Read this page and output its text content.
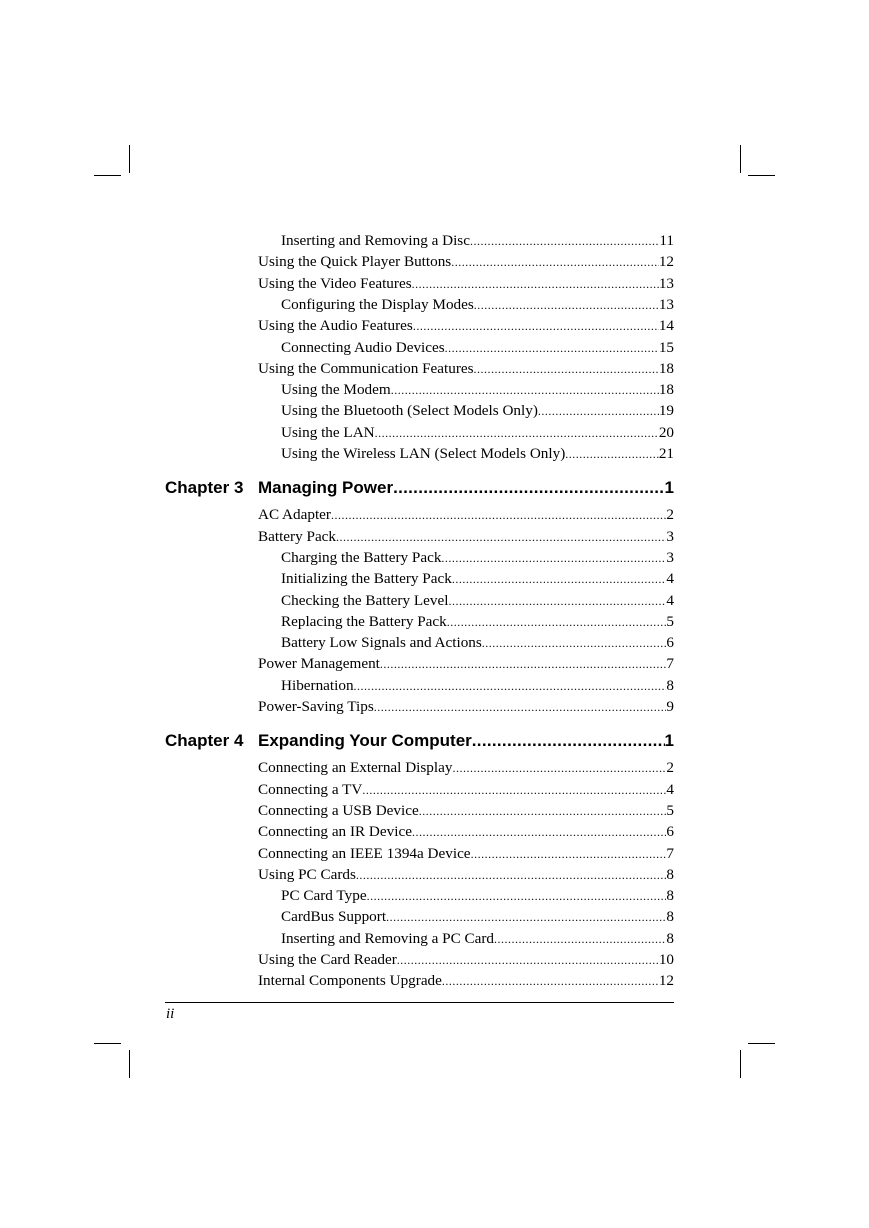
Inserting and Removing a Disc .....	11
Using the Quick Player Buttons .....	12
Using the Video Features .....	13
Configuring the Display Modes .....	13
Using the Audio Features .....	14
Connecting Audio Devices .....	15
Using the Communication Features .....	18
Using the Modem .....	18
Using the Bluetooth (Select Models Only) .....	19
Using the LAN .....	20
Using the Wireless LAN (Select Models Only) .....	21
Chapter 3 Managing Power .....	1
AC Adapter .....	2
Battery Pack .....	3
Charging the Battery Pack .....	3
Initializing the Battery Pack .....	4
Checking the Battery Level .....	4
Replacing the Battery Pack .....	5
Battery Low Signals and Actions .....	6
Power Management .....	7
Hibernation .....	8
Power-Saving Tips .....	9
Chapter 4 Expanding Your Computer .....	1
Connecting an External Display .....	2
Connecting a TV .....	4
Connecting a USB Device .....	5
Connecting an IR Device .....	6
Connecting an IEEE 1394a Device .....	7
Using PC Cards .....	8
PC Card Type .....	8
CardBus Support .....	8
Inserting and Removing a PC Card .....	8
Using the Card Reader .....	10
Internal Components Upgrade .....	12
ii
